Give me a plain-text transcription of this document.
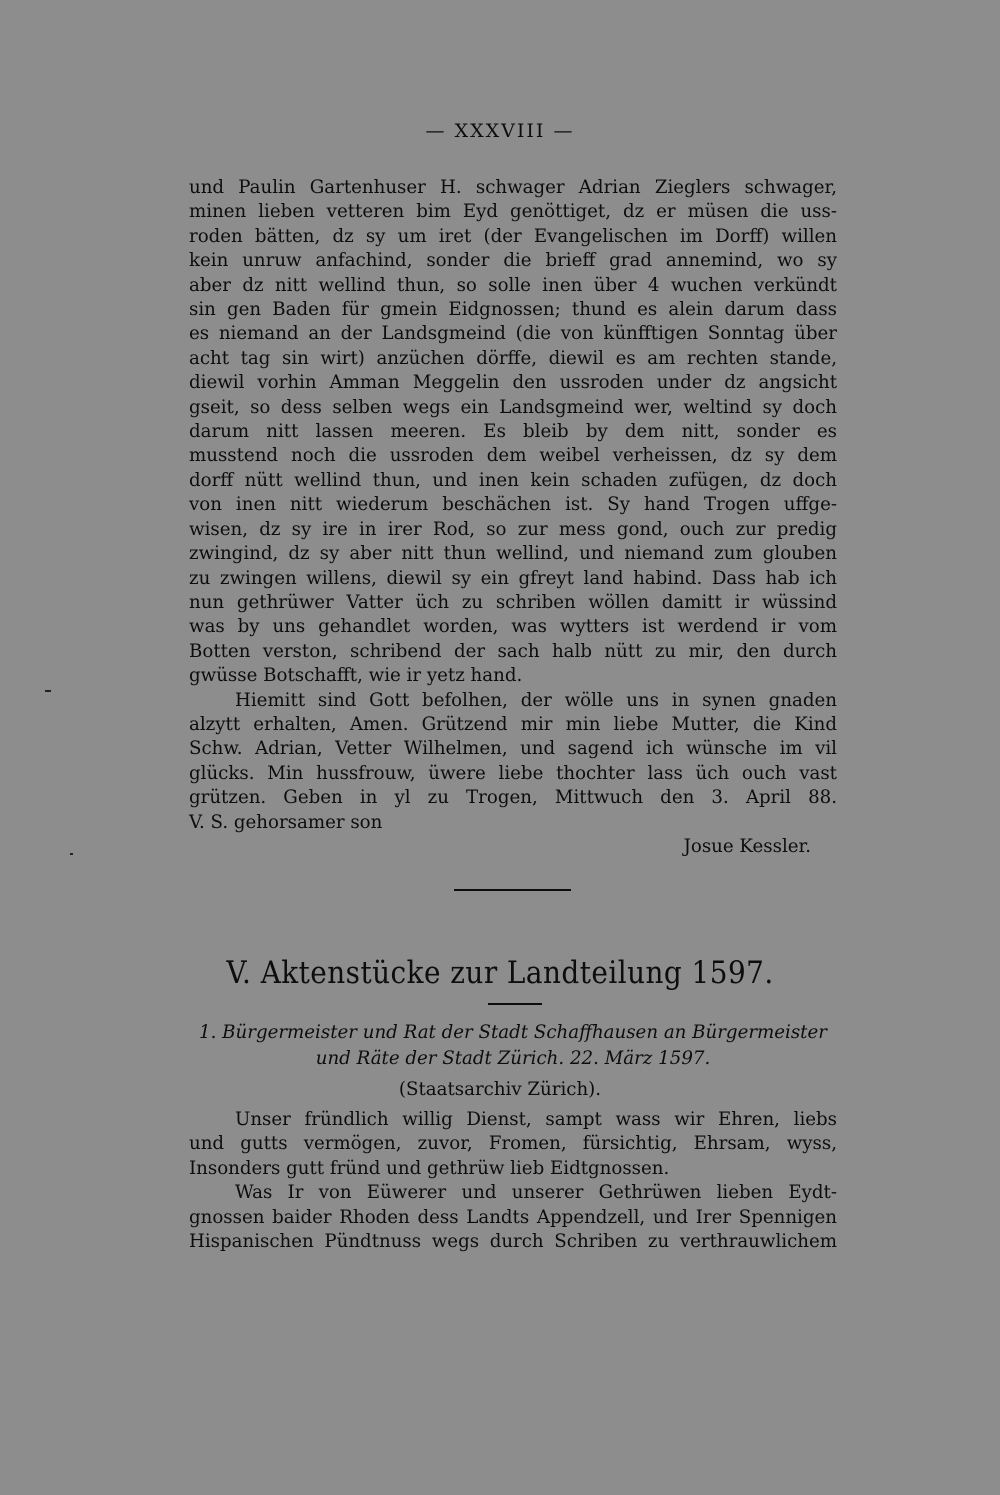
— XXXVIII —
und Paulin Gartenhuser H. schwager Adrian Zieglers schwager,
minen lieben vetteren bim Eyd genöttiget, dz er müsen die uss-
roden bätten, dz sy um iret (der Evangelischen im Dorff) willen
kein unruw anfachind, sonder die brieff grad annemind, wo sy
aber dz nitt wellind thun, so solle inen über 4 wuchen verkündt
sin gen Baden für gmein Eidgnossen; thund es alein darum dass
es niemand an der Landsgmeind (die von künfftigen Sonntag über
acht tag sin wirt) anzüchen dörffe, diewil es am rechten stande,
diewil vorhin Amman Meggelin den ussroden under dz angsicht
gseit, so dess selben wegs ein Landsgmeind wer, weltind sy doch
darum nitt lassen meeren. Es bleib by dem nitt, sonder es
musstend noch die ussroden dem weibel verheissen, dz sy dem
dorff nütt wellind thun, und inen kein schaden zufügen, dz doch
von inen nitt wiederum beschächen ist. Sy hand Trogen uffge-
wisen, dz sy ire in irer Rod, so zur mess gond, ouch zur predig
zwingind, dz sy aber nitt thun wellind, und niemand zum glouben
zu zwingen willens, diewil sy ein gfreyt land habind. Dass hab ich
nun gethrüwer Vatter üch zu schriben wöllen damitt ir wüssind
was by uns gehandlet worden, was wytters ist werdend ir vom
Botten verston, schribend der sach halb nütt zu mir, den durch
gwüsse Botschafft, wie ir yetz hand.
Hiemitt sind Gott befolhen, der wölle uns in synen gnaden
alzytt erhalten, Amen. Grützend mir min liebe Mutter, die Kind
Schw. Adrian, Vetter Wilhelmen, und sagend ich wünsche im vil
glücks. Min hussfrouw, üwere liebe thochter lass üch ouch vast
grützen. Geben in yl zu Trogen, Mittwuch den 3. April 88.
V. S. gehorsamer son
Josue Kessler.
V. Aktenstücke zur Landteilung 1597.
1. Bürgermeister und Rat der Stadt Schaffhausen an Bürgermeister
und Räte der Stadt Zürich. 22. März 1597.
(Staatsarchiv Zürich).
Unser fründlich willig Dienst, sampt wass wir Ehren, liebs
und gutts vermögen, zuvor, Fromen, fürsichtig, Ehrsam, wyss,
Insonders gutt fründ und gethrüw lieb Eidtgnossen.
Was Ir von Eüwerer und unserer Gethrüwen lieben Eydt-
gnossen baider Rhoden dess Landts Appendzell, und Irer Spennigen
Hispanischen Pündtnuss wegs durch Schriben zu verthrauwlichem
